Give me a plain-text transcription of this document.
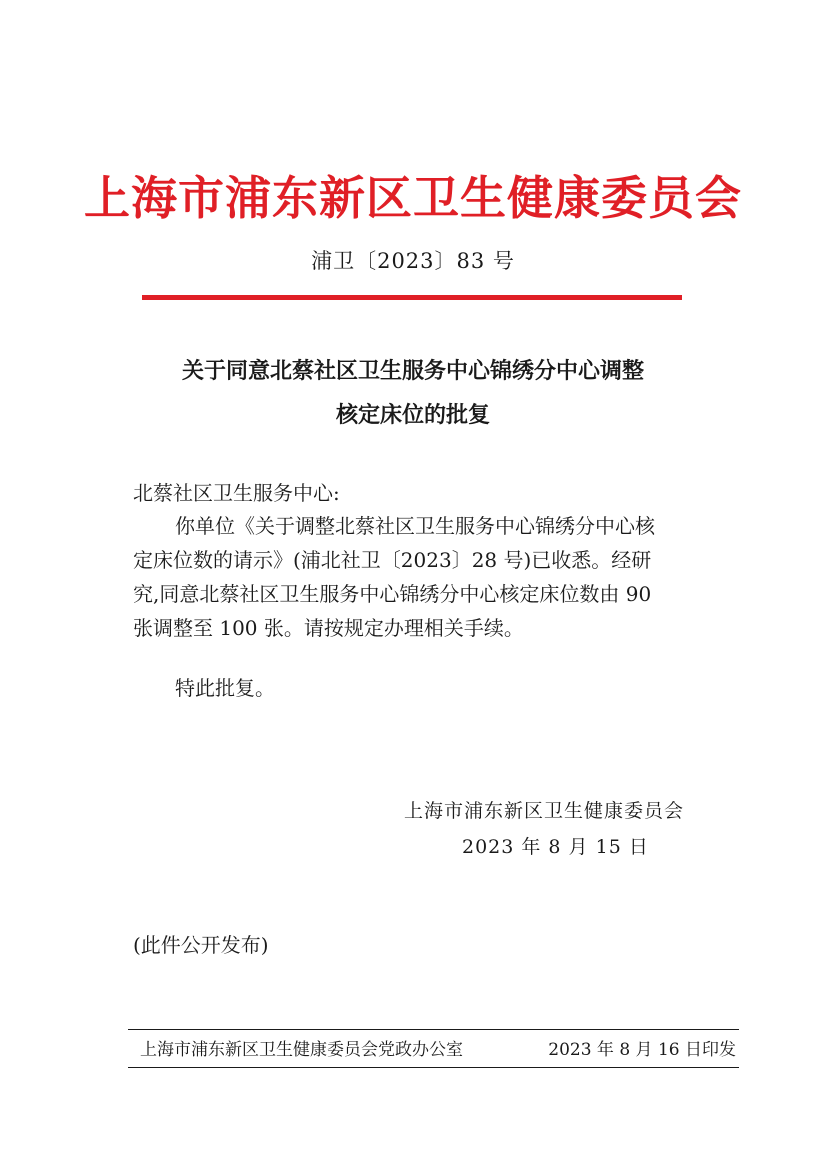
上海市浦东新区卫生健康委员会
浦卫〔2023〕83 号
关于同意北蔡社区卫生服务中心锦绣分中心调整
核定床位的批复
北蔡社区卫生服务中心:
你单位《关于调整北蔡社区卫生服务中心锦绣分中心核
定床位数的请示》(浦北社卫〔2023〕28 号)已收悉。经研
究,同意北蔡社区卫生服务中心锦绣分中心核定床位数由 90
张调整至 100 张。请按规定办理相关手续。
特此批复。
上海市浦东新区卫生健康委员会
2023 年 8 月 15 日
(此件公开发布)
上海市浦东新区卫生健康委员会党政办公室	2023 年 8 月 16 日印发
